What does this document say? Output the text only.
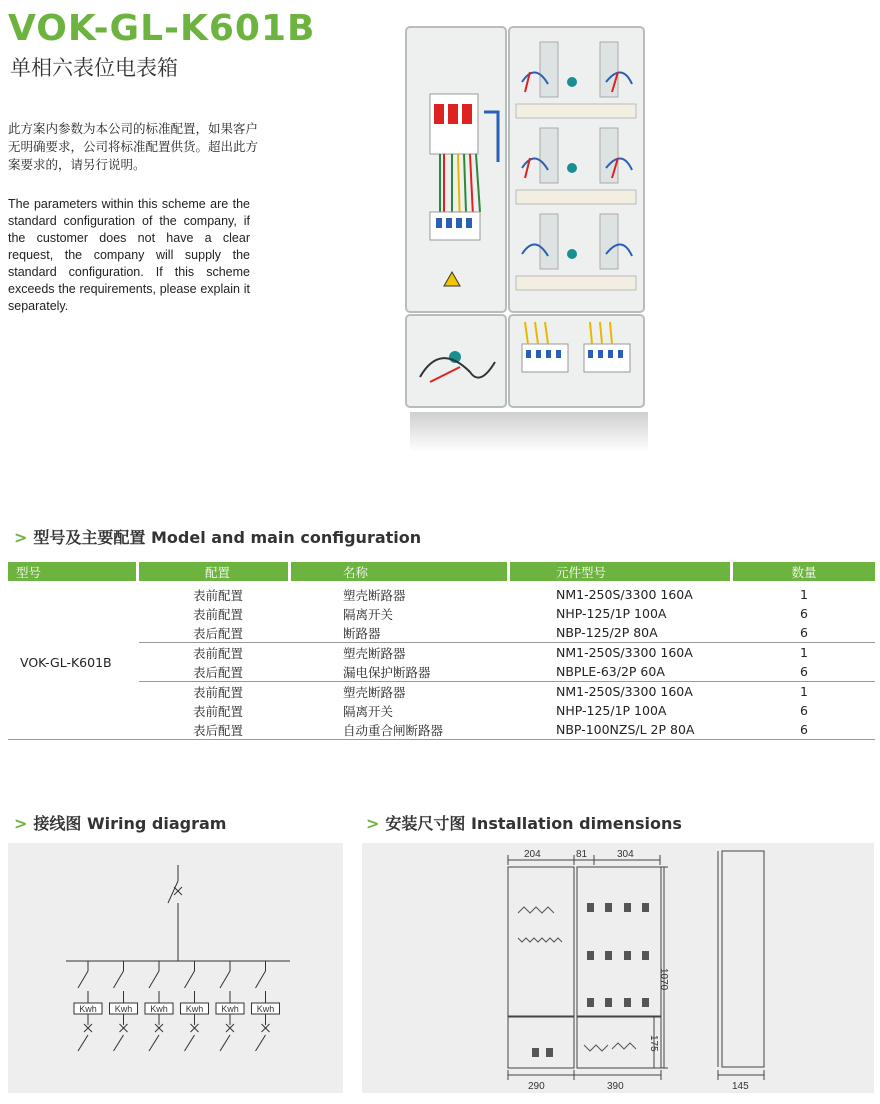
VOK-GL-K601B
单相六表位电表箱
此方案内参数为本公司的标准配置，如果客户无明确要求，公司将标准配置供货。超出此方案要求的，请另行说明。
The parameters within this scheme are the standard configuration of the company, if the customer does not have a clear request, the company will supply the standard configuration. If this scheme exceeds the requirements, please explain it separately.
> 型号及主要配置 Model and main configuration
型号	配置	名称	元件型号	数量

VOK-GL-K601B	表前配置	塑壳断路器	NM1-250S/3300 160A	1
	表前配置	隔离开关	NHP-125/1P 100A	6
	表后配置	断路器	NBP-125/2P 80A	6
	表前配置	塑壳断路器	NM1-250S/3300 160A	1
	表后配置	漏电保护断路器	NBPLE-63/2P 60A	6
	表前配置	塑壳断路器	NM1-250S/3300 160A	1
	表前配置	隔离开关	NHP-125/1P 100A	6
	表后配置	自动重合闸断路器	NBP-100NZS/L 2P 80A	6
> 接线图 Wiring diagram
Kwh Kwh Kwh Kwh Kwh Kwh
> 安装尺寸图 Installation dimensions
204	81	304
1070
175
290	390	145
